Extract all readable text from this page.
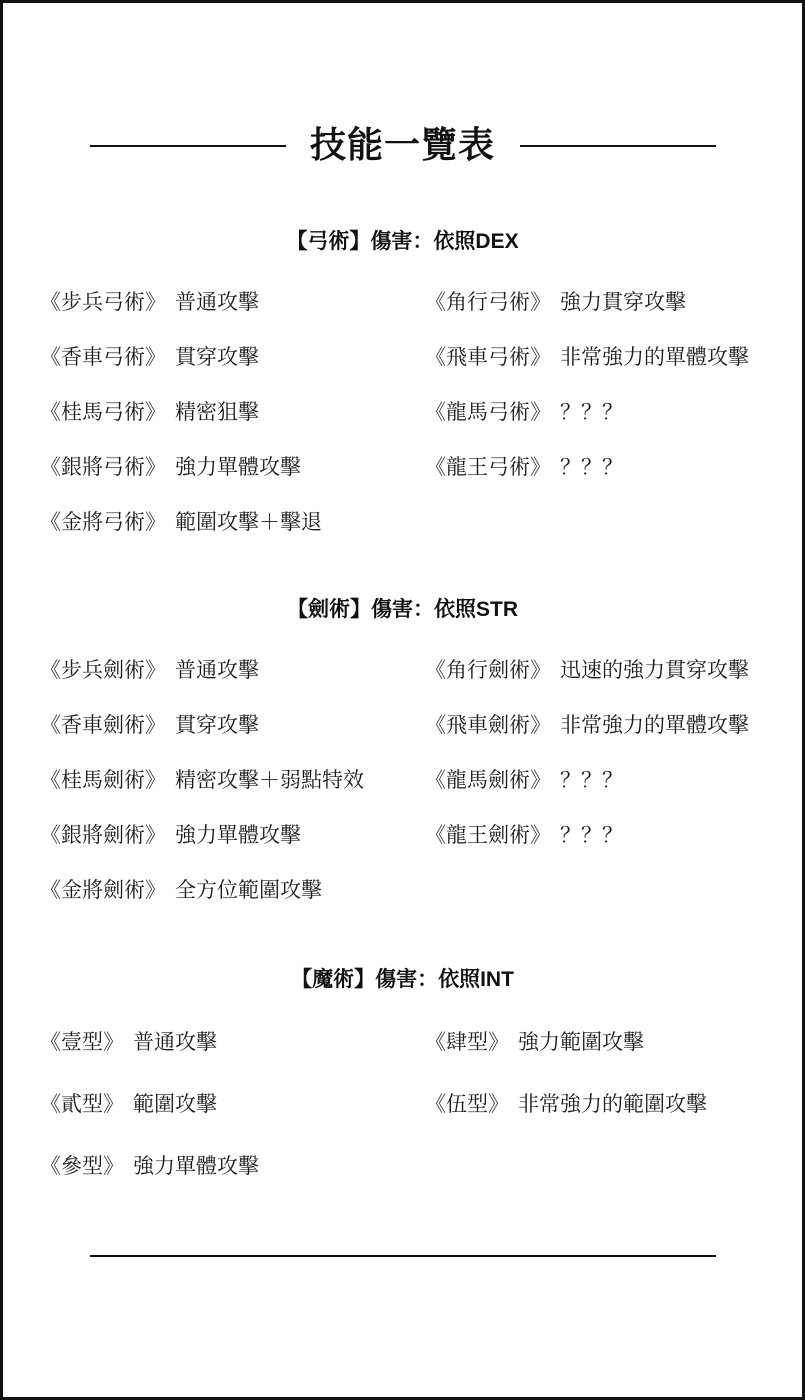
技能一覽表
【弓術】傷害：依照DEX
《步兵弓術》 普通攻擊
《香車弓術》 貫穿攻擊
《桂馬弓術》 精密狙擊
《銀將弓術》 強力單體攻擊
《金將弓術》 範圍攻擊＋擊退
《角行弓術》 強力貫穿攻擊
《飛車弓術》 非常強力的單體攻擊
《龍馬弓術》 ？？？
《龍王弓術》 ？？？
【劍術】傷害：依照STR
《步兵劍術》 普通攻擊
《香車劍術》 貫穿攻擊
《桂馬劍術》 精密攻擊＋弱點特效
《銀將劍術》 強力單體攻擊
《金將劍術》 全方位範圍攻擊
《角行劍術》 迅速的強力貫穿攻擊
《飛車劍術》 非常強力的單體攻擊
《龍馬劍術》 ？？？
《龍王劍術》 ？？？
【魔術】傷害：依照INT
《壹型》 普通攻擊
《貳型》 範圍攻擊
《參型》 強力單體攻擊
《肆型》 強力範圍攻擊
《伍型》 非常強力的範圍攻擊
